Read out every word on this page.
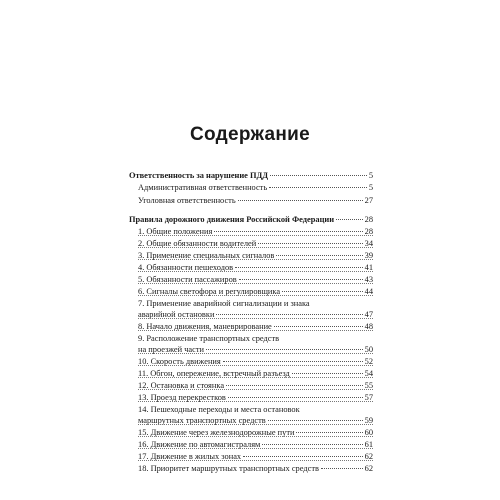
Содержание
Ответственность за нарушение ПДД	5
Административная ответственность	5
Уголовная ответственность	27
Правила дорожного движения Российской Федерации	28
1. Общие положения	28
2. Общие обязанности водителей	34
3. Применение специальных сигналов	39
4. Обязанности пешеходов	41
5. Обязанности пассажиров	43
6. Сигналы светофора и регулировщика	44
7. Применение аварийной сигнализации и знака
аварийной остановки	47
8. Начало движения, маневрирование	48
9. Расположение транспортных средств
на проезжей части	50
10. Скорость движения	52
11. Обгон, опережение, встречный разъезд	54
12. Остановка и стоянка	55
13. Проезд перекрестков	57
14. Пешеходные переходы и места остановок
маршрутных транспортных средств	59
15. Движение через железнодорожные пути	60
16. Движение по автомагистралям	61
17. Движение в жилых зонах	62
18. Приоритет маршрутных транспортных средств	62
